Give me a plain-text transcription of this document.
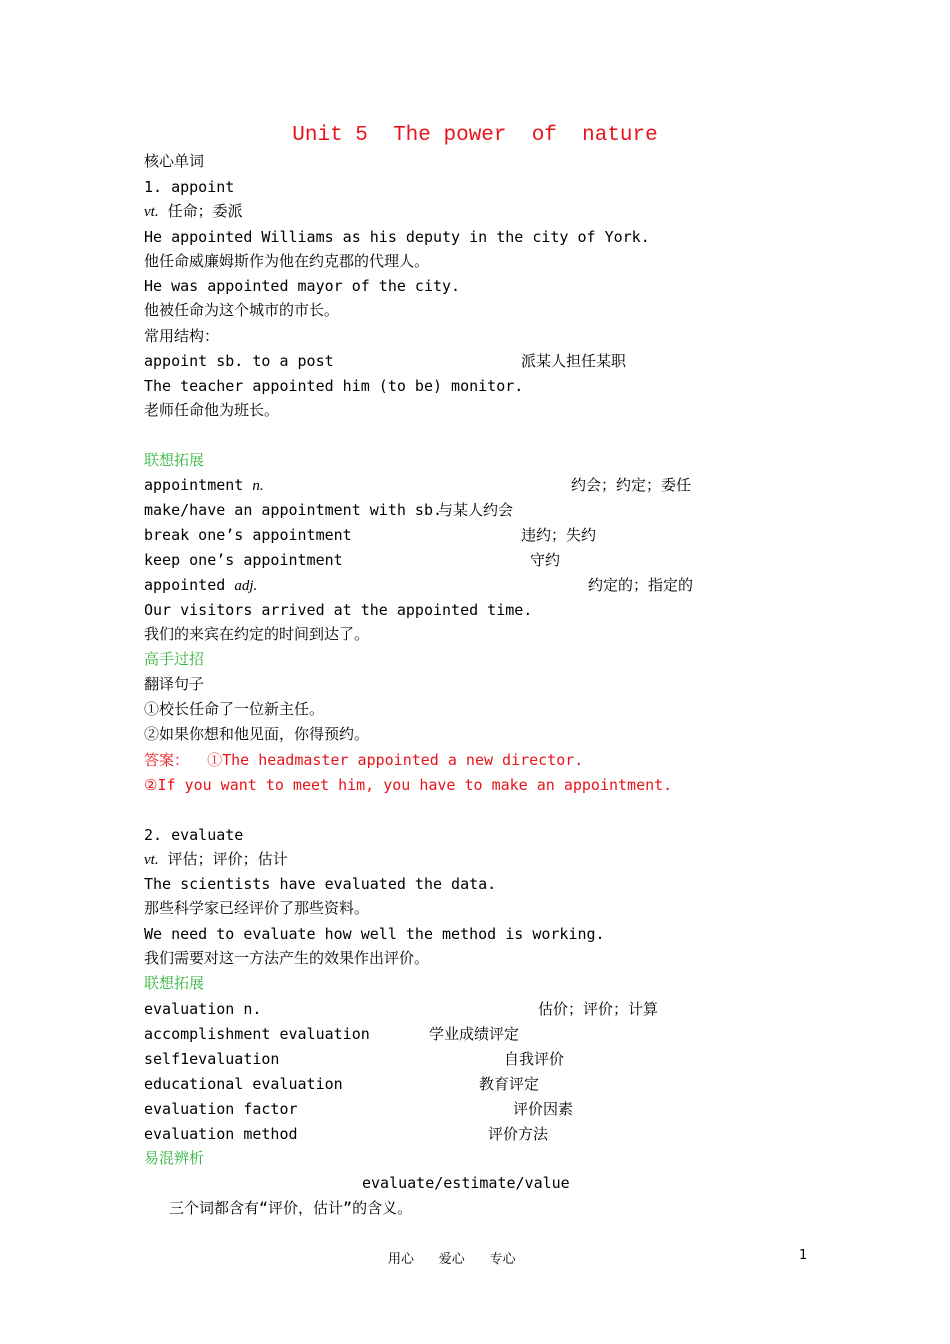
Unit 5  The power  of  nature
核心单词
1. appoint
vt. 任命；委派
He appointed Williams as his deputy in the city of York.
他任命威廉姆斯作为他在约克郡的代理人。
He was appointed mayor of the city.
他被任命为这个城市的市长。
常用结构：
appoint sb. to a post	派某人担任某职
The teacher appointed him (to be) monitor.
老师任命他为班长。
联想拓展
appointment n.	约会；约定；委任
make/have an appointment with sb.
与某人约会
break one’s appointment	违约；失约
keep one’s appointment	守约
appointed adj.	约定的；指定的
Our visitors arrived at the appointed time.
我们的来宾在约定的时间到达了。
高手过招
翻译句子
①校长任命了一位新主任。
②如果你想和他见面，你得预约。
答案： ①The headmaster appointed a new director.
②If you want to meet him, you have to make an appointment.
2. evaluate
vt. 评估；评价；估计
The scientists have evaluated the data.
那些科学家已经评价了那些资料。
We need to evaluate how well the method is working.
我们需要对这一方法产生的效果作出评价。
联想拓展
evaluation n.	估价；评价；计算
accomplishment evaluation	学业成绩评定
self1evaluation	自我评价
educational evaluation	教育评定
evaluation factor	评价因素
evaluation method	评价方法
易混辨析
evaluate/estimate/value
三个词都含有“评价，估计”的含义。
用心      爱心      专心	1
